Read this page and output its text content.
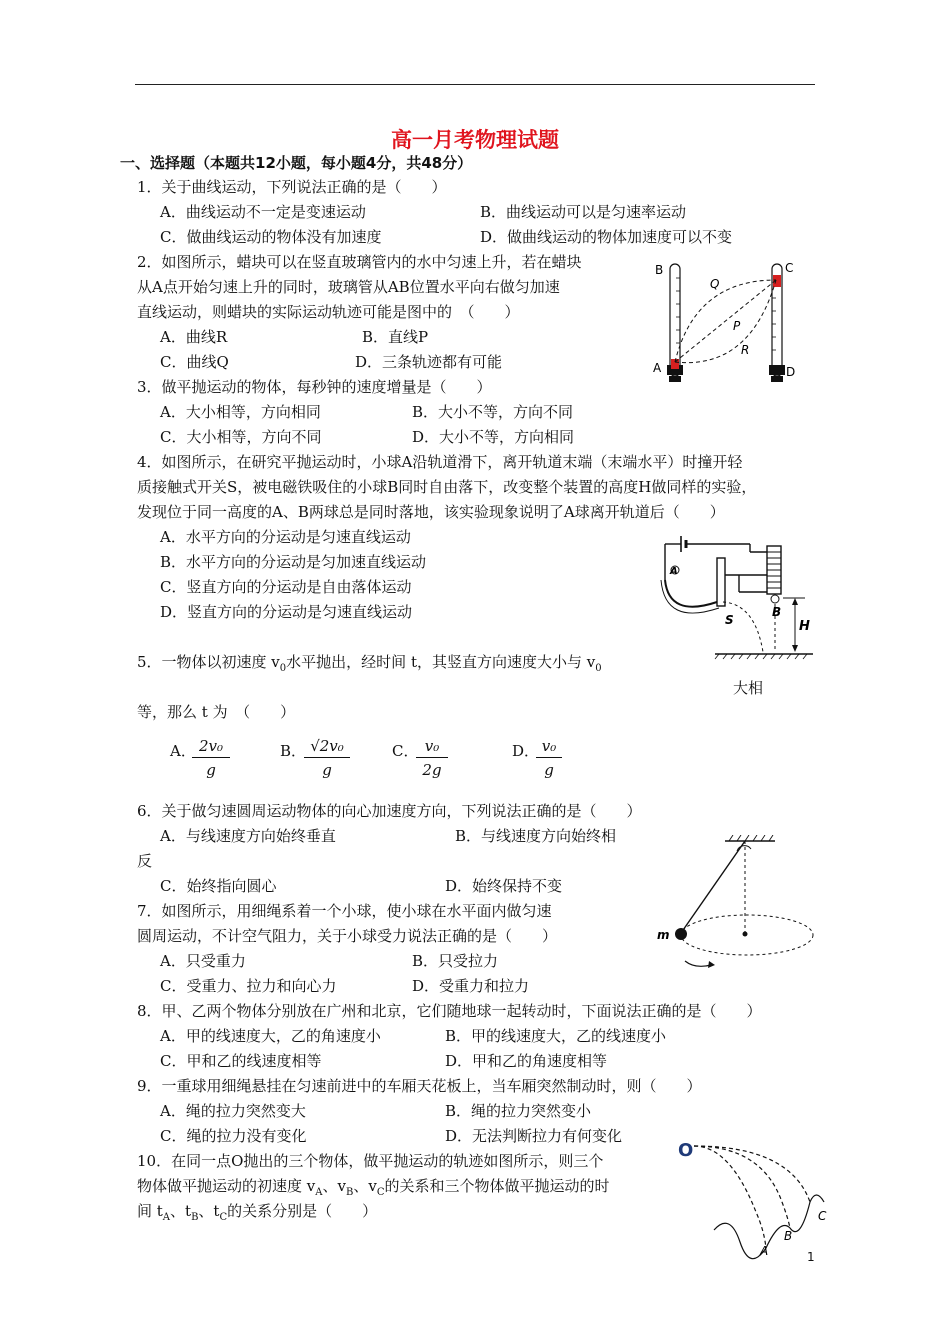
高一月考物理试题
一、选择题（本题共12小题，每小题4分，共48分）
1．关于曲线运动，下列说法正确的是（　　）
A．曲线运动不一定是变速运动	B．曲线运动可以是匀速率运动
C．做曲线运动的物体没有加速度	D．做曲线运动的物体加速度可以不变
2．如图所示，蜡块可以在竖直玻璃管内的水中匀速上升，若在蜡块
从A点开始匀速上升的同时，玻璃管从AB位置水平向右做匀加速
直线运动，则蜡块的实际运动轨迹可能是图中的　（　　）
A．曲线R	B．直线P
C．曲线Q	D．三条轨迹都有可能
B	C
Q
P
R
A	D
3．做平抛运动的物体，每秒钟的速度增量是（　　）
A．大小相等，方向相同	B．大小不等，方向不同
C．大小相等，方向不同	D．大小不等，方向相同
4．如图所示，在研究平抛运动时，小球A沿轨道滑下，离开轨道末端（末端水平）时撞开轻
质接触式开关S，被电磁铁吸住的小球B同时自由落下，改变整个装置的高度H做同样的实验，
发现位于同一高度的A、B两球总是同时落地，该实验现象说明了A球离开轨道后（　　）
A．水平方向的分运动是匀速直线运动
B．水平方向的分运动是匀加速直线运动
C．竖直方向的分运动是自由落体运动
D．竖直方向的分运动是匀速直线运动
A
S
B
H
5．一物体以初速度 $v_0$水平抛出，经时间 t，其竖直方向速度大小与 $v_0$
大相
等，那么 t 为　（　　）
A．
$\frac{\text{2v₀}}{g}$	B．
$\frac{\text{√2v₀}}{g}$	C．
$\frac{\text{v₀}}{2g}$	D．
$\frac{\text{v₀}}{g}$
6．关于做匀速圆周运动物体的向心加速度方向，下列说法正确的是（　　）
A．与线速度方向始终垂直	B．与线速度方向始终相
反
C．始终指向圆心	D．始终保持不变
m
7．如图所示，用细绳系着一个小球，使小球在水平面内做匀速
圆周运动，不计空气阻力，关于小球受力说法正确的是（　　）
A．只受重力	B．只受拉力
C．受重力、拉力和向心力	D．受重力和拉力
8．甲、乙两个物体分别放在广州和北京，它们随地球一起转动时，下面说法正确的是（　　）
A．甲的线速度大，乙的角速度小	B．甲的线速度大，乙的线速度小
C．甲和乙的线速度相等	D．甲和乙的角速度相等
9．一重球用细绳悬挂在匀速前进中的车厢天花板上，当车厢突然制动时，则（　　）
A．绳的拉力突然变大	B．绳的拉力突然变小
C．绳的拉力没有变化	D．无法判断拉力有何变化
10．在同一点O抛出的三个物体，做平抛运动的轨迹如图所示，则三个
物体做平抛运动的初速度 $v_A$、$v_B$、$v_C$的关系和三个物体做平抛运动的时
间 $t_A$、$t_B$、$t_C$的关系分别是（　　）
O
A
B
C
1
